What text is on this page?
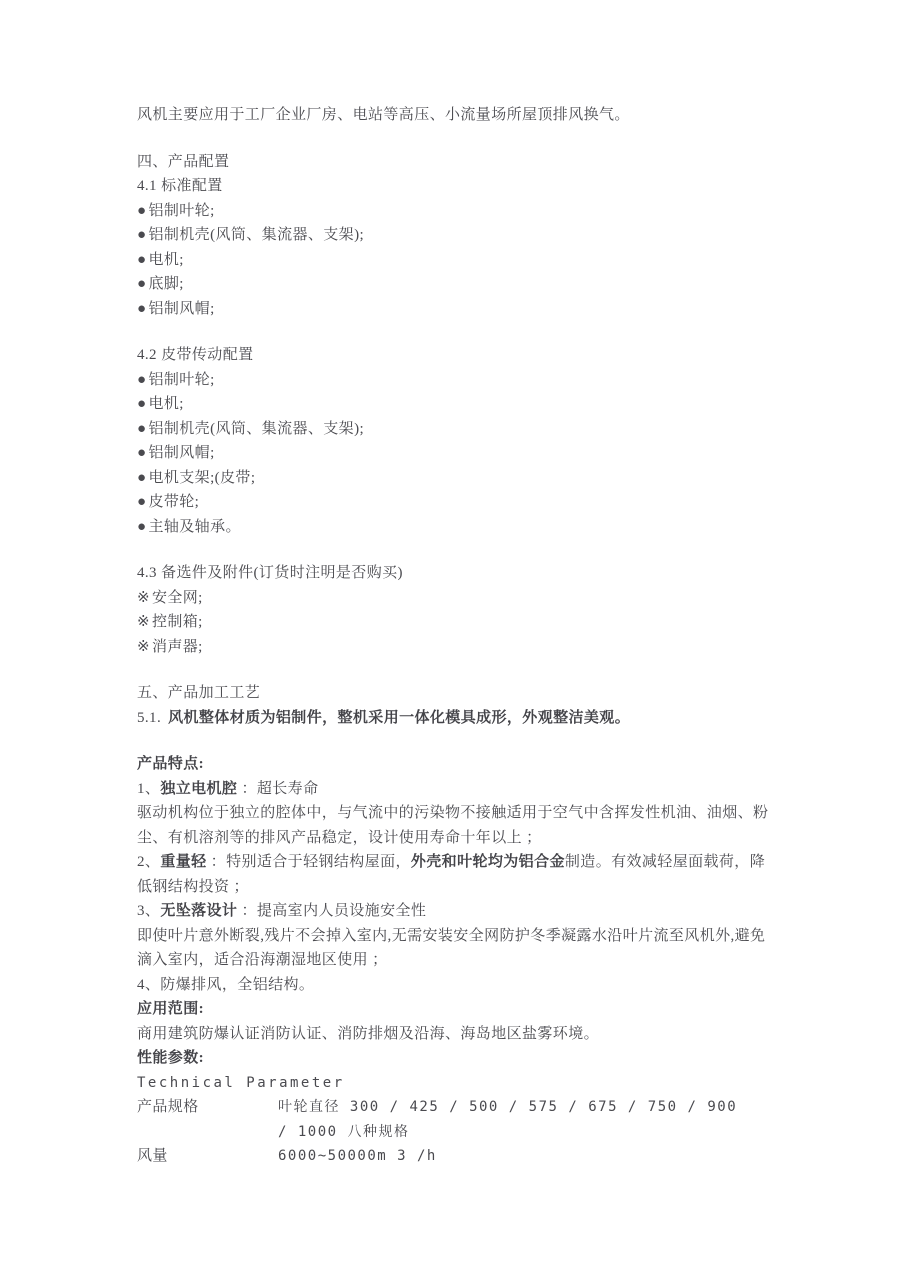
风机主要应用于工厂企业厂房、电站等高压、小流量场所屋顶排风换气。

四、产品配置

4.1 标准配置

● 铝制叶轮;
● 铝制机壳(风筒、集流器、支架);
● 电机;
● 底脚;
● 铝制风帽;

4.2 皮带传动配置

● 铝制叶轮;
● 电机;
● 铝制机壳(风筒、集流器、支架);
● 铝制风帽;
● 电机支架;(皮带;
● 皮带轮;
● 主轴及轴承。

4.3 备选件及附件(订货时注明是否购买)

※ 安全网;
※ 控制箱;
※ 消声器;

五、产品加工工艺

5.1. 风机整体材质为铝制件，整机采用一体化模具成形，外观整洁美观。

产品特点:

1、独立电机腔 ：超长寿命

驱动机构位于独立的腔体中，与气流中的污染物不接触适用于空气中含挥发性机油、油烟、粉尘、有机溶剂等的排风产品稳定，设计使用寿命十年以上 ；

2、重量轻 ：特别适合于轻钢结构屋面，外壳和叶轮均为铝合金制造。有效减轻屋面载荷，降低钢结构投资 ；

3、无坠落设计 ：提高室内人员设施安全性

即使叶片意外断裂,残片不会掉入室内,无需安装安全网防护冬季凝露水沿叶片流至风机外,避免滴入室内，适合沿海潮湿地区使用 ；

4、防爆排风，全铝结构。

应用范围:

商用建筑防爆认证消防认证、消防排烟及沿海、海岛地区盐雾环境。

性能参数:

Technical Parameter

产品规格	叶轮直径 300 / 425 / 500 / 575 / 675 / 750 / 900 / 1000 八种规格
风量	6000~50000m 3 /h
